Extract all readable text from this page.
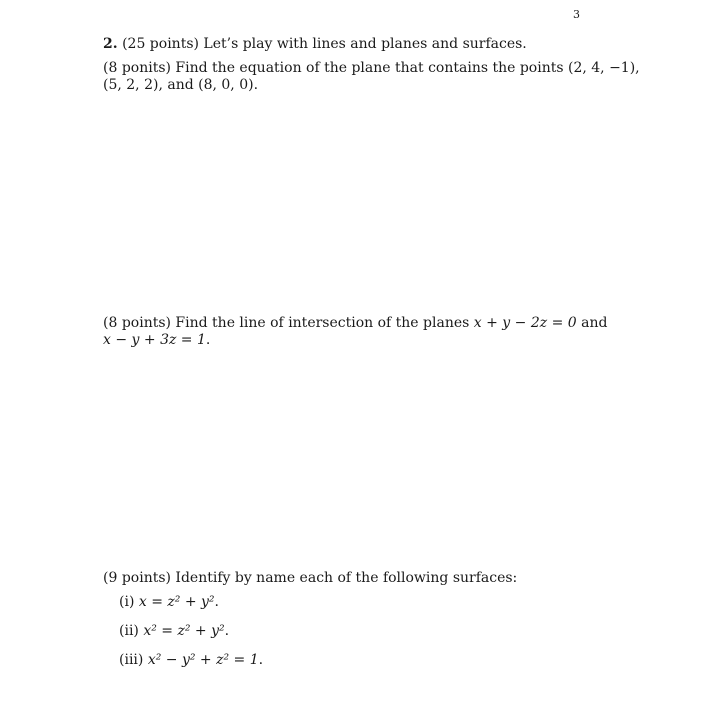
3
2. (25 points) Let’s play with lines and planes and surfaces.
(8 ponits) Find the equation of the plane that contains the points (2, 4, −1),
(5, 2, 2), and (8, 0, 0).
(8 points) Find the line of intersection of the planes x + y − 2z = 0 and
x − y + 3z = 1.
(9 points) Identify by name each of the following surfaces:
(i) x = z² + y².
(ii) x² = z² + y².
(iii) x² − y² + z² = 1.
